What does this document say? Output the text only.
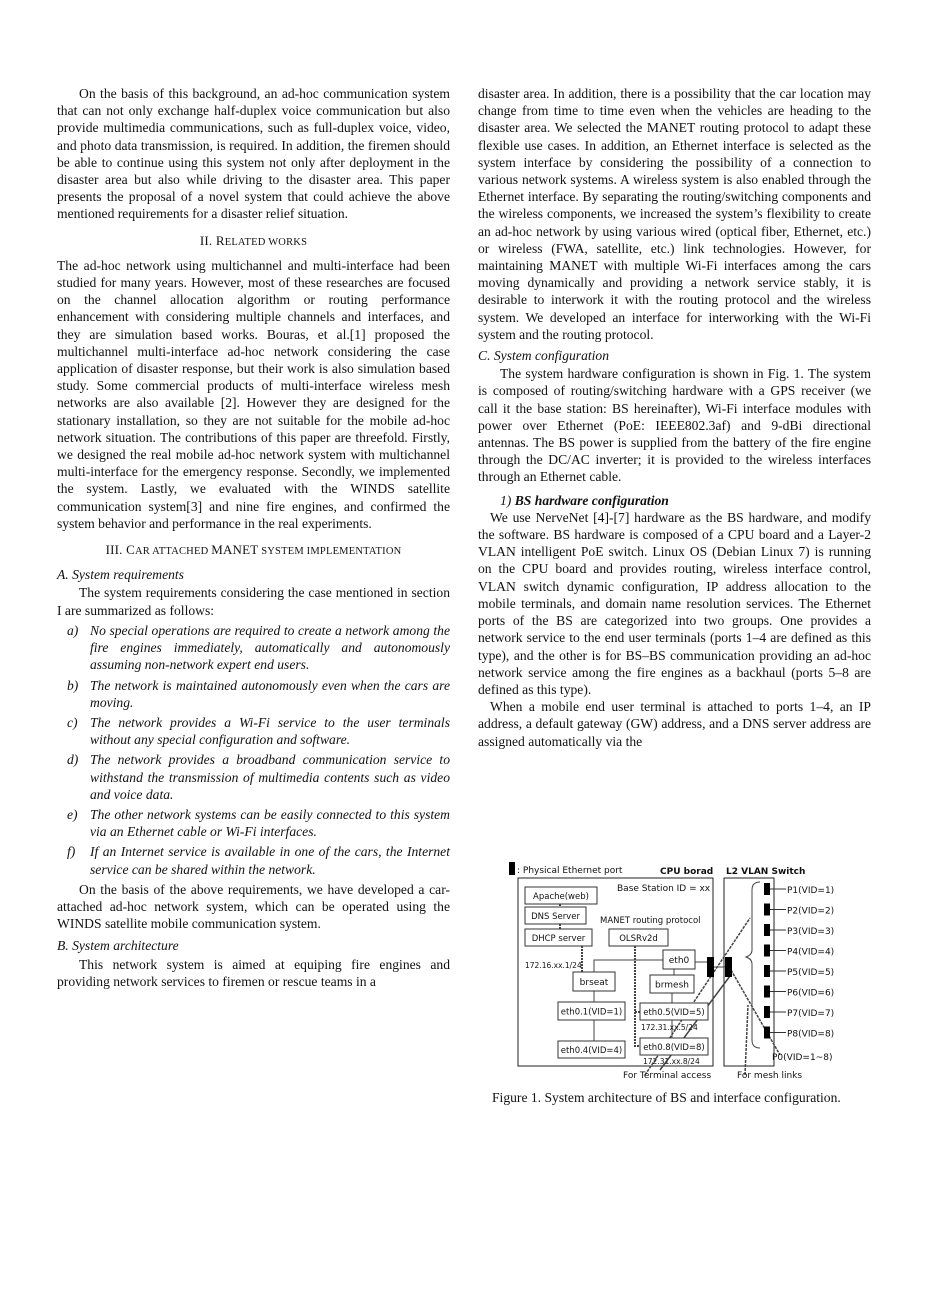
On the basis of this background, an ad-hoc communication system that can not only exchange half-duplex voice communication but also provide multimedia communications, such as full-duplex voice, video, and photo data transmission, is required. In addition, the firemen should be able to continue using this system not only after deployment in the disaster area but also while driving to the disaster area. This paper presents the proposal of a novel system that could achieve the above mentioned requirements for a disaster relief situation.

II. RELATED WORKS

The ad-hoc network using multichannel and multi-interface had been studied for many years. However, most of these researches are focused on the channel allocation algorithm or routing performance enhancement with considering multiple channels and interfaces, and they are simulation based works. Bouras, et al.[1] proposed the multichannel multi-interface ad-hoc network considering the case application of disaster response, but their work is also simulation based study. Some commercial products of multi-interface wireless mesh networks are also available [2]. However they are designed for the stationary installation, so they are not suitable for the mobile ad-hoc network situation. The contributions of this paper are threefold. Firstly, we designed the real mobile ad-hoc network system with multichannel multi-interface for the emergency response. Secondly, we implemented the system. Lastly, we evaluated with the WINDS satellite communication system[3] and nine fire engines, and confirmed the system behavior and performance in the real experiments.

III. CAR ATTACHED MANET SYSTEM IMPLEMENTATION
A. System requirements

The system requirements considering the case mentioned in section I are summarized as follows:

a) No special operations are required to create a network among the fire engines immediately, automatically and autonomously assuming non-network expert end users.
b) The network is maintained autonomously even when the cars are moving.
c) The network provides a Wi-Fi service to the user terminals without any special configuration and software.
d) The network provides a broadband communication service to withstand the transmission of multimedia contents such as video and voice data.
e) The other network systems can be easily connected to this system via an Ethernet cable or Wi-Fi interfaces.
f)	If an Internet service is available in one of the cars, the Internet service can be shared within the network.

On the basis of the above requirements, we have developed a car-attached ad-hoc network system, which can be operated using the WINDS satellite mobile communication system.

B. System architecture

This network system is aimed at equiping fire engines and providing network services to firemen or rescue teams in a

disaster area. In addition, there is a possibility that the car location may change from time to time even when the vehicles are heading to the disaster area. We selected the MANET routing protocol to adapt these flexible use cases. In addition, an Ethernet interface is selected as the system interface by considering the possibility of a connection to various network systems. A wireless system is also enabled through the Ethernet interface. By separating the routing/switching components and the wireless components, we increased the system’s flexibility to create an ad-hoc network by using various wired (optical fiber, Ethernet, etc.) or wireless (FWA, satellite, etc.) link technologies. However, for maintaining MANET with multiple Wi-Fi interfaces among the cars moving dynamically and providing a network service stably, it is desirable to interwork it with the routing protocol and the wireless system. We developed an interface for interworking with the Wi-Fi system and the routing protocol.

C. System configuration

The system hardware configuration is shown in Fig. 1. The system is composed of routing/switching hardware with a GPS receiver (we call it the base station: BS hereinafter), Wi-Fi interface modules with power over Ethernet (PoE: IEEE802.3af) and 9-dBi directional antennas. The BS power is supplied from the battery of the fire engine through the DC/AC inverter; it is provided to the wireless interfaces through an Ethernet cable.

1) BS hardware configuration

We use NerveNet [4]-[7] hardware as the BS hardware, and modify the software. BS hardware is composed of a CPU board and a Layer-2 VLAN intelligent PoE switch. Linux OS (Debian Linux 7) is running on the CPU board and provides routing, wireless interface control, VLAN switch dynamic configuration, IP address allocation to the mobile terminals, and domain name resolution services. The Ethernet ports of the BS are categorized into two groups. One provides a network service to the end user terminals (ports 1–4 are defined as this type), and the other is for BS–BS communication providing an ad-hoc network service among the fire engines as a backhaul (ports 5–8 are defined as this type).

When a mobile end user terminal is attached to ports 1–4, an IP address, a default gateway (GW) address, and a DNS server address are assigned automatically via the

: Physical Ethernet port	CPU borad L2 VLAN Switch
Base Station ID = xx
MANET routing protocol
Apache(web)
DNS Server
DHCP server	OLSRv2d
eth0
brseat	brmesh
eth0.1(VID=1) eth0.5(VID=5)
eth0.4(VID=4) eth0.8(VID=8)
P1(VID=1)
P2(VID=2)
P3(VID=3)
P4(VID=4)
P5(VID=5)
P6(VID=6)
P7(VID=7)
P8(VID=8)
172.16.xx.1/24
172.31.xx.5/24
172.31.xx.8/24	P0(VID=1~8)
For Terminal access	For mesh links

Figure 1. System architecture of BS and interface configuration.
